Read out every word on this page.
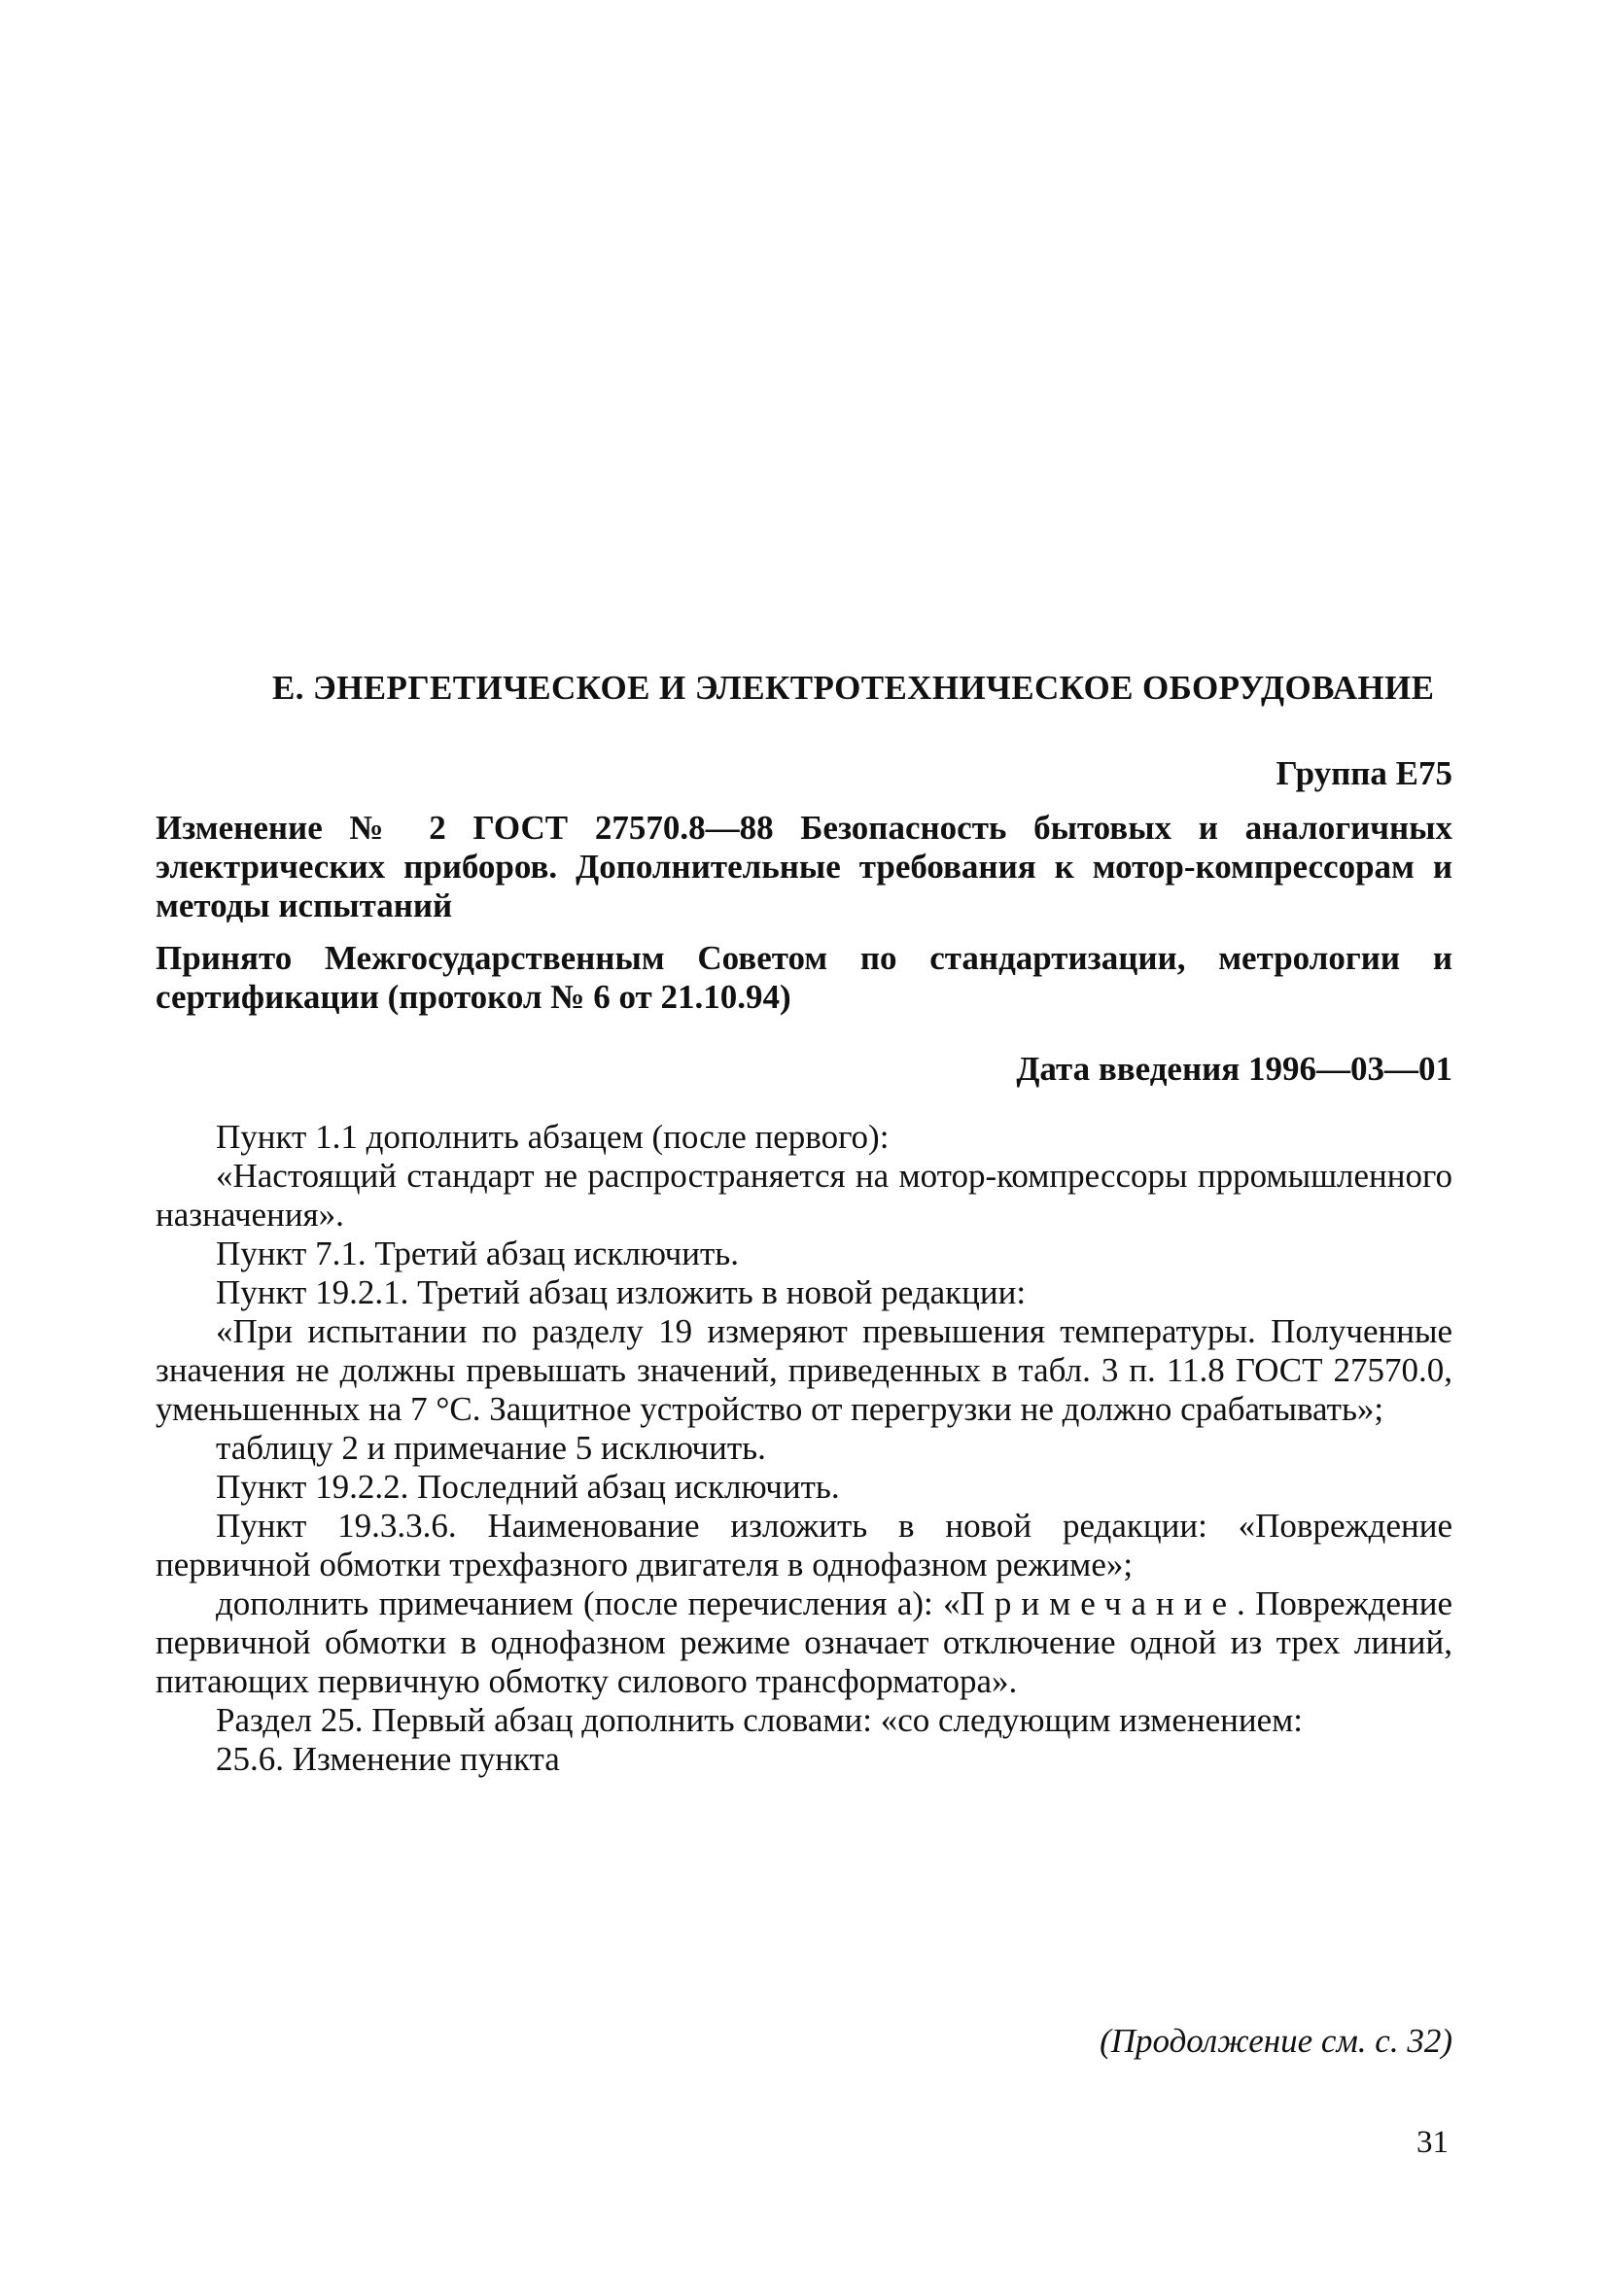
Е. ЭНЕРГЕТИЧЕСКОЕ И ЭЛЕКТРОТЕХНИЧЕСКОЕ ОБОРУДОВАНИЕ
Группа Е75
Изменение № 2 ГОСТ 27570.8—88 Безопасность бытовых и аналогичных электрических приборов. Дополнительные требования к мотор-компрессорам и методы испытаний
Принято Межгосударственным Советом по стандартизации, метрологии и сертификации (протокол № 6 от 21.10.94)
Дата введения 1996—03—01

Пункт 1.1 дополнить абзацем (после первого):

«Настоящий стандарт не распространяется на мотор-компрессоры прромышленного назначения».

Пункт 7.1. Третий абзац исключить.

Пункт 19.2.1. Третий абзац изложить в новой редакции:

«При испытании по разделу 19 измеряют превышения температуры. Полученные значения не должны превышать значений, приведенных в табл. 3 п. 11.8 ГОСТ 27570.0, уменьшенных на 7 °С. Защитное устройство от перегрузки не должно срабатывать»;

таблицу 2 и примечание 5 исключить.

Пункт 19.2.2. Последний абзац исключить.

Пункт 19.3.3.6. Наименование изложить в новой редакции: «Повреждение первичной обмотки трехфазного двигателя в однофазном режиме»;

дополнить примечанием (после перечисления а): «Примечание. Повреждение первичной обмотки в однофазном режиме означает отключение одной из трех линий, питающих первичную обмотку силового трансформатора».

Раздел 25. Первый абзац дополнить словами: «со следующим изменением:

25.6. Изменение пункта

(Продолжение см. с. 32)
31
